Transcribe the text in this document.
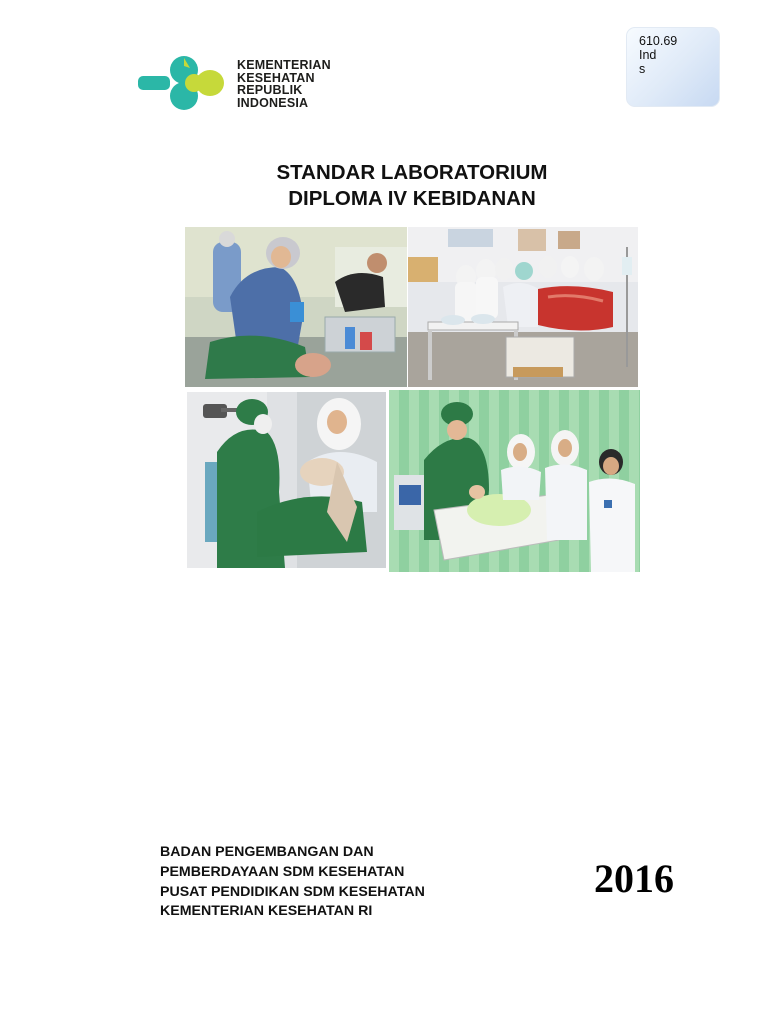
KEMENTERIAN
KESEHATAN
REPUBLIK
INDONESIA
610.69
Ind
s
STANDAR LABORATORIUM
DIPLOMA IV KEBIDANAN
BADAN PENGEMBANGAN DAN
PEMBERDAYAAN SDM KESEHATAN
PUSAT PENDIDIKAN SDM KESEHATAN
KEMENTERIAN KESEHATAN RI
2016
